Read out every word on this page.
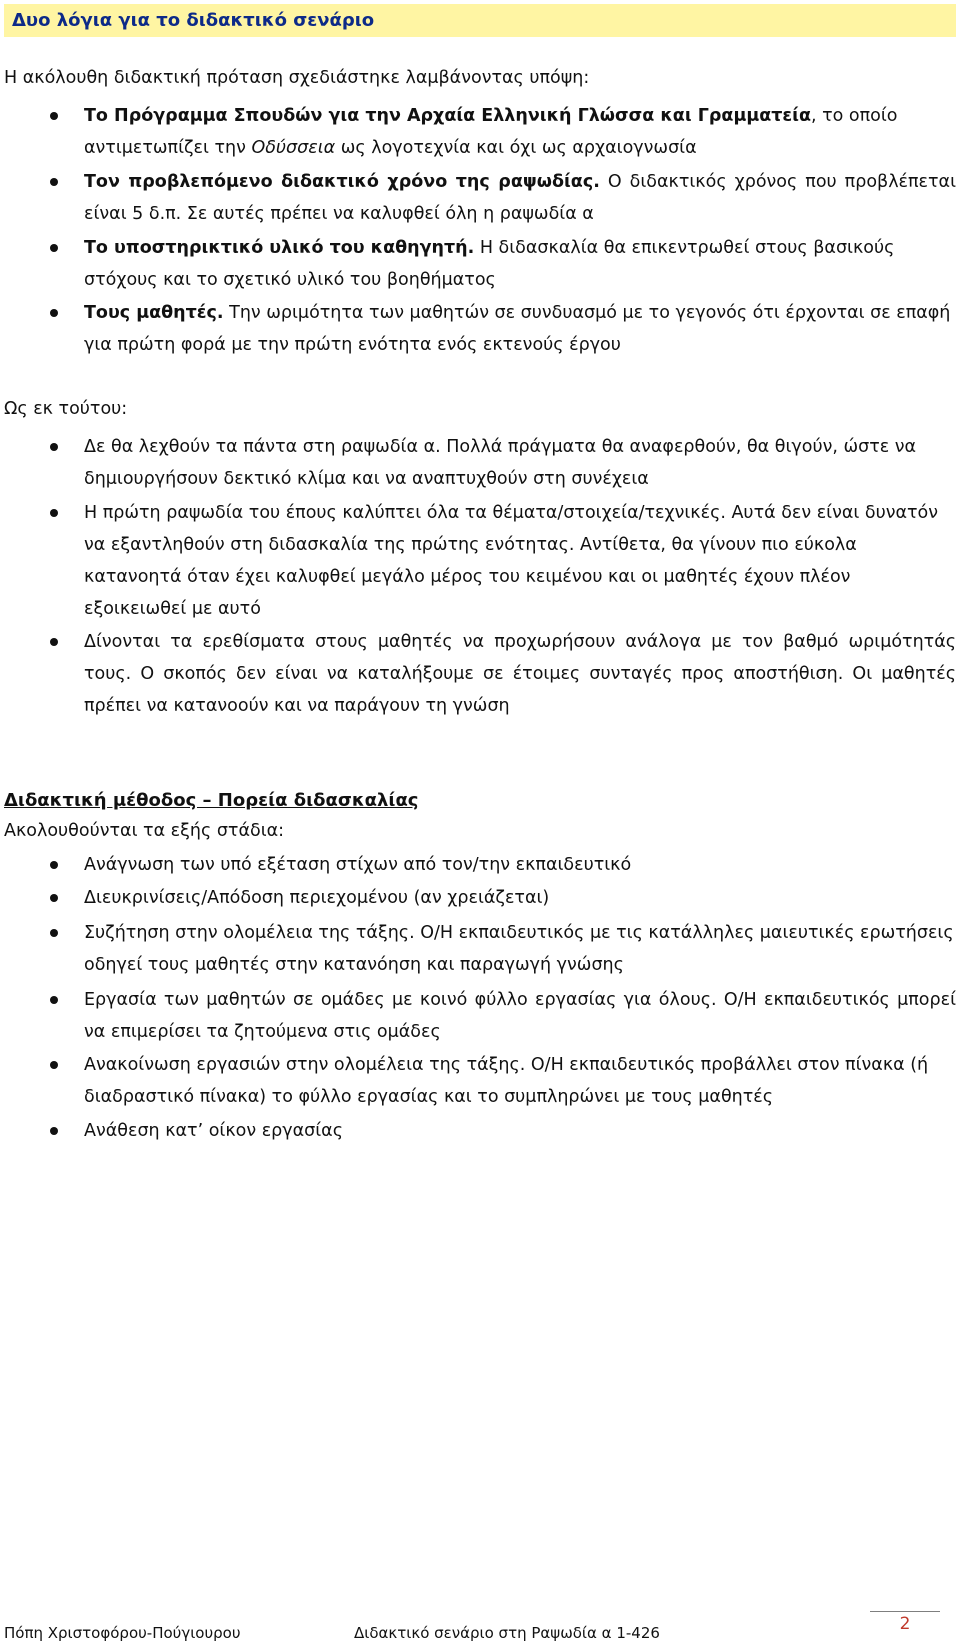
Δυο λόγια για το διδακτικό σενάριο

Η ακόλουθη διδακτική πρόταση σχεδιάστηκε λαμβάνοντας υπόψη:

Το Πρόγραμμα Σπουδών για την Αρχαία Ελληνική Γλώσσα και Γραμματεία, το οποίο αντιμετωπίζει την Οδύσσεια ως λογοτεχνία και όχι ως αρχαιογνωσία

Τον προβλεπόμενο διδακτικό χρόνο της ραψωδίας. Ο διδακτικός χρόνος που προβλέπεται είναι 5 δ.π. Σε αυτές πρέπει να καλυφθεί όλη η ραψωδία α

Το υποστηρικτικό υλικό του καθηγητή. Η διδασκαλία θα επικεντρωθεί στους βασικούς στόχους και το σχετικό υλικό του βοηθήματος

Τους μαθητές. Την ωριμότητα των μαθητών σε συνδυασμό με το γεγονός ότι έρχονται σε επαφή για πρώτη φορά με την πρώτη ενότητα ενός εκτενούς έργου

Ως εκ τούτου:

Δε θα λεχθούν τα πάντα στη ραψωδία α. Πολλά πράγματα θα αναφερθούν, θα θιγούν, ώστε να δημιουργήσουν δεκτικό κλίμα και να αναπτυχθούν στη συνέχεια

Η πρώτη ραψωδία του έπους καλύπτει όλα τα θέματα/στοιχεία/τεχνικές. Αυτά δεν είναι δυνατόν να εξαντληθούν στη διδασκαλία της πρώτης ενότητας. Αντίθετα, θα γίνουν πιο εύκολα κατανοητά όταν έχει καλυφθεί μεγάλο μέρος του κειμένου και οι μαθητές έχουν πλέον εξοικειωθεί με αυτό

Δίνονται τα ερεθίσματα στους μαθητές να προχωρήσουν ανάλογα με τον βαθμό ωριμότητάς τους. Ο σκοπός δεν είναι να καταλήξουμε σε έτοιμες συνταγές προς αποστήθιση. Οι μαθητές πρέπει να κατανοούν και να παράγουν τη γνώση

Διδακτική μέθοδος – Πορεία διδασκαλίας

Ακολουθούνται τα εξής στάδια:

Ανάγνωση των υπό εξέταση στίχων από τον/την εκπαιδευτικό

Διευκρινίσεις/Απόδοση περιεχομένου (αν χρειάζεται)

Συζήτηση στην ολομέλεια της τάξης. Ο/Η εκπαιδευτικός με τις κατάλληλες μαιευτικές ερωτήσεις οδηγεί τους μαθητές στην κατανόηση και παραγωγή γνώσης

Εργασία των μαθητών σε ομάδες με κοινό φύλλο εργασίας για όλους. Ο/Η εκπαιδευτικός μπορεί να επιμερίσει τα ζητούμενα στις ομάδες

Ανακοίνωση εργασιών στην ολομέλεια της τάξης. Ο/Η εκπαιδευτικός προβάλλει στον πίνακα (ή διαδραστικό πίνακα) το φύλλο εργασίας και το συμπληρώνει με τους μαθητές

Ανάθεση κατ’ οίκον εργασίας

2
Πόπη Χριστοφόρου-Πούγιουρου	Διδακτικό σενάριο στη Ραψωδία α 1-426
